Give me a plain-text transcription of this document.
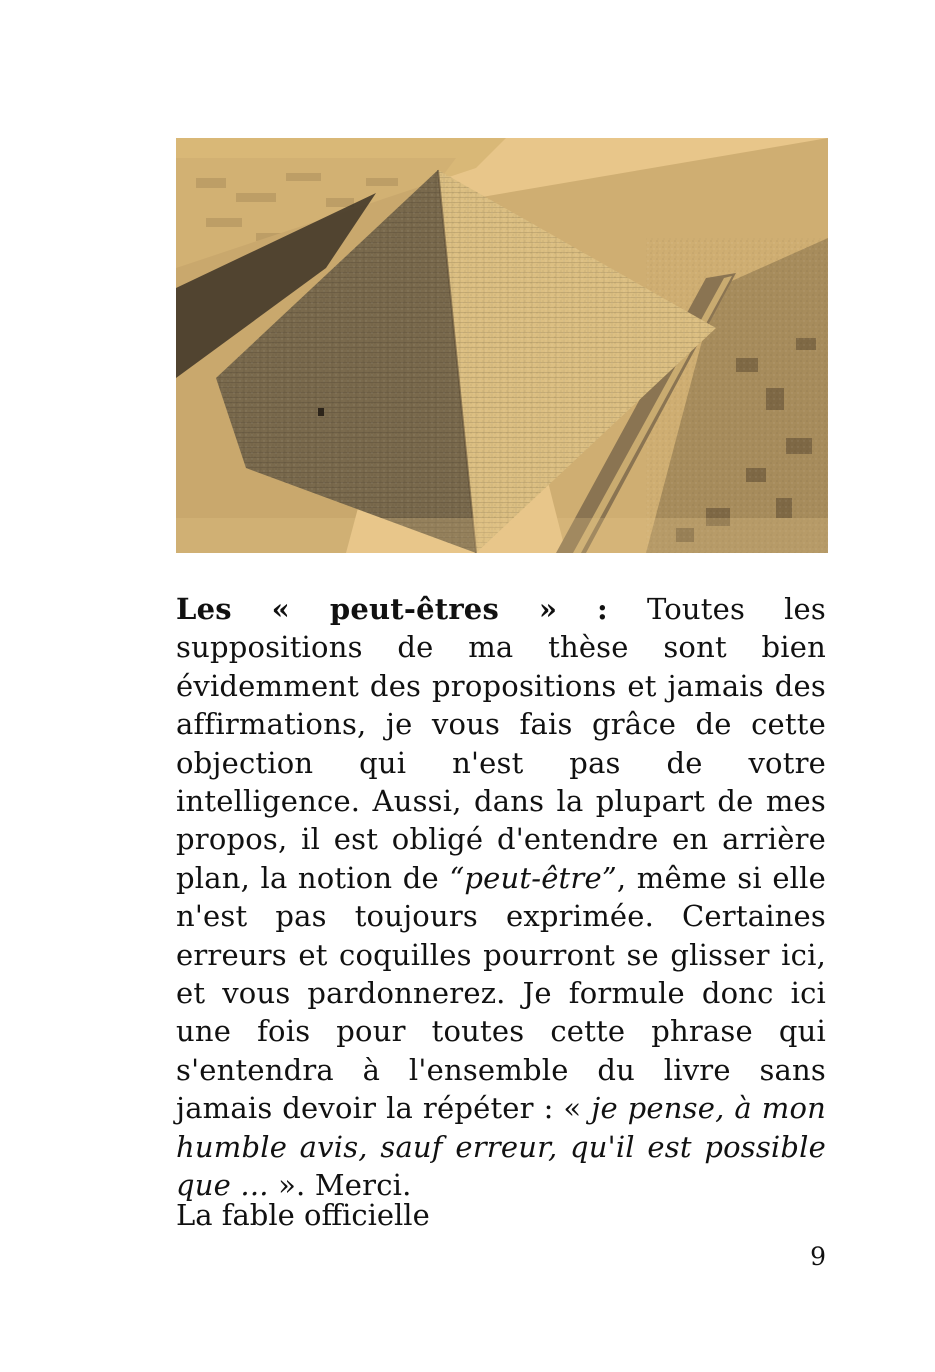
Les « peut-êtres » : Toutes les suppositions de ma thèse sont bien évidemment des propositions et jamais des affirmations, je vous fais grâce de cette objection qui n'est pas de votre intelligence. Aussi, dans la plupart de mes propos, il est obligé d'entendre en arrière plan, la notion de “peut-être”, même si elle n'est pas toujours exprimée. Certaines erreurs et coquilles pourront se glisser ici, et vous pardonnerez. Je formule donc ici une fois pour toutes cette phrase qui s'entendra à l'ensemble du livre sans jamais devoir la répéter : « je pense, à mon humble avis, sauf erreur, qu'il est possible que ... ». Merci.

La fable officielle
9
